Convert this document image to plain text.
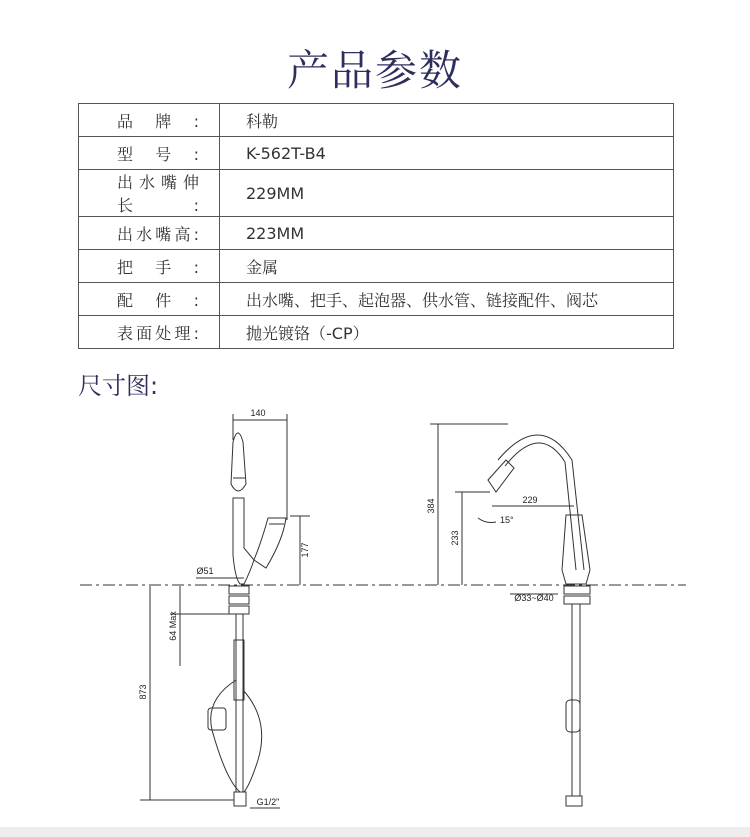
产品参数
品牌:	科勒

型号:	K-562T-B4

出水嘴伸长:	229MM

出水嘴高:	223MM

把手:	金属

配件:	出水嘴、把手、起泡器、供水管、链接配件、阀芯

表面处理:	抛光镀铬（-CP）
尺寸图:
140
Ø51
177
64 Max
873
G1/2"
384
233
229
15°
Ø33~Ø40
